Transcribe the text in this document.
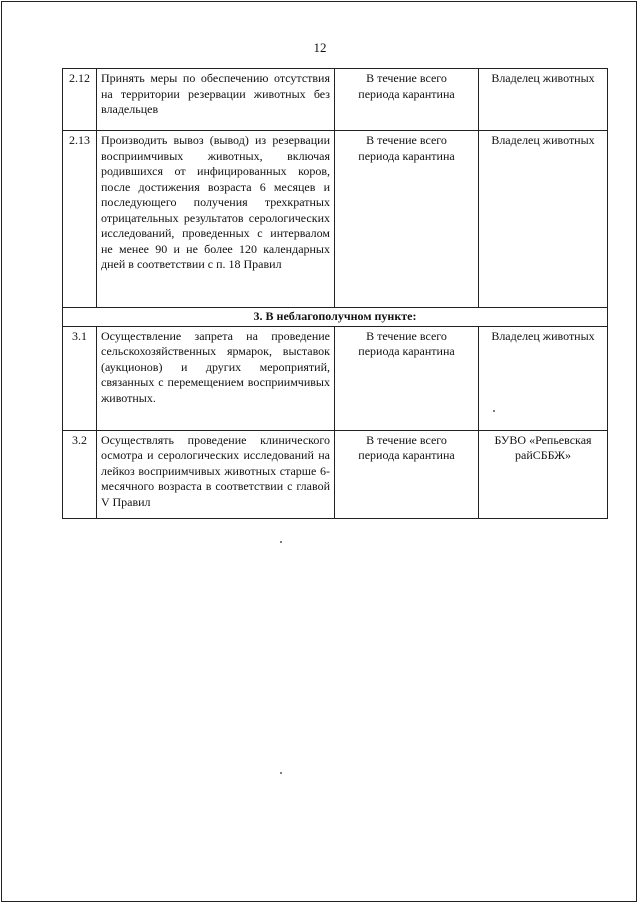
12
2.12	Принять меры по обеспечению отсутствия на территории резервации животных без владельцев	В течение всего
периода карантина	Владелец животных
2.13	Производить вывоз (вывод) из резервации восприимчивых животных, включая родившихся от инфицированных коров, после достижения возраста 6 месяцев и последующего получения трехкратных отрицательных результатов серологических исследований, проведенных с интервалом не менее 90 и не более 120 календарных дней в соответствии с п. 18 Правил	В течение всего
периода карантина	Владелец животных
3. В неблагополучном пункте:			
3.1	Осуществление запрета на проведение сельскохозяйственных ярмарок, выставок (аукционов) и других мероприятий, связанных с перемещением восприимчивых животных.	В течение всего
периода карантина	Владелец животных
3.2	Осуществлять проведение клинического осмотра и серологических исследований на лейкоз восприимчивых животных старше 6-месячного возраста в соответствии с главой V Правил	В течение всего
периода карантина	БУВО «Репьевская райСББЖ»
